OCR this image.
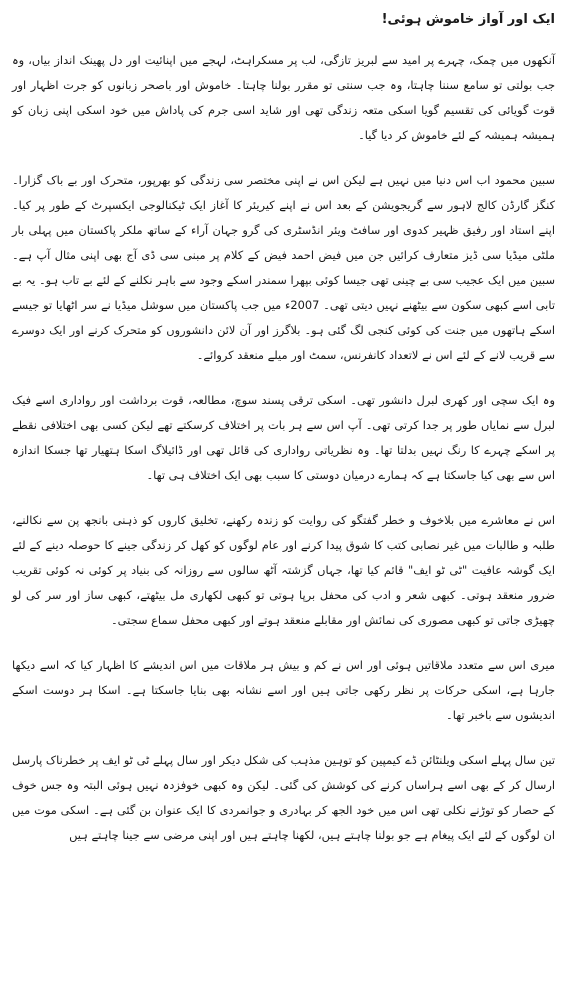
ایک اور آواز خاموش ہوئی!

آنکھوں میں چمک، چہرے پر امید سے لبریز تازگی، لب پر مسکراہٹ، لہجے میں اپنائیت اور دل پھینک انداز بیاں، وہ جب بولتی تو سامع سننا چاہتا، وہ جب سنتی تو مقرر بولنا چاہتا۔ خاموش اور باصحر زبانوں کو جرت اظہار اور قوت گویائی کی تقسیم گویا اسکی متعہ زندگی تھی اور شاید اسی جرم کی پاداش میں خود اسکی اپنی زبان کو ہمیشہ ہمیشہ کے لئے خاموش کر دیا گیا۔

سبین محمود اب اس دنیا میں نہیں ہے لیکن اس نے اپنی مختصر سی زندگی کو بھرپور، متحرک اور بے باک گزارا۔ کنگز گارڈن کالج لاہور سے گریجویشن کے بعد اس نے اپنے کیریئر کا آغاز ایک ٹیکنالوجی ایکسپرٹ کے طور پر کیا۔ اپنے استاد اور رفیق ظہیر کدوی اور سافٹ ویئر انڈسٹری کی گرو جہان آراء کے ساتھ ملکر پاکستان میں پہلی بار ملٹی میڈیا سی ڈیز متعارف کرائیں جن میں فیض احمد فیض کے کلام پر مبنی سی ڈی آج بھی اپنی مثال آپ ہے۔ سبین میں ایک عجیب سی بے چینی تھی جیسا کوئی بپھرا سمندر اسکے وجود سے باہر نکلنے کے لئے بے تاب ہو۔ یہ بے تابی اسے کبھی سکون سے بیٹھنے نہیں دیتی تھی۔ 2007ء میں جب پاکستان میں سوشل میڈیا نے سر اٹھایا تو جیسے اسکے ہاتھوں میں جنت کی کوئی کنجی لگ گئی ہو۔ بلاگرز اور آن لائن دانشوروں کو متحرک کرنے اور ایک دوسرے سے قریب لانے کے لئے اس نے لاتعداد کانفرنس، سمٹ اور میلے منعقد کروائے۔

وہ ایک سچی اور کھری لبرل دانشور تھی۔ اسکی ترقی پسند سوچ، مطالعہ، قوت برداشت اور رواداری اسے فیک لبرل سے نمایاں طور پر جدا کرتی تھی۔ آپ اس سے ہر بات پر اختلاف کرسکتے تھے لیکن کسی بھی اختلافی نقطے پر اسکے چہرے کا رنگ نہیں بدلتا تھا۔ وہ نظریاتی رواداری کی قائل تھی اور ڈائیلاگ اسکا ہتھیار تھا جسکا اندازہ اس سے بھی کیا جاسکتا ہے کہ ہمارے درمیان دوستی کا سبب بھی ایک اختلاف ہی تھا۔

اس نے معاشرے میں بلاخوف و خطر گفتگو کی روایت کو زندہ رکھنے، تخلیق کاروں کو ذہنی بانجھ پن سے نکالنے، طلبہ و طالبات میں غیر نصابی کتب کا شوق پیدا کرنے اور عام لوگوں کو کھل کر زندگی جینے کا حوصلہ دینے کے لئے ایک گوشہ عافیت "ٹی ٹو ایف" قائم کیا تھا، جہاں گزشتہ آٹھ سالوں سے روزانہ کی بنیاد پر کوئی نہ کوئی تقریب ضرور منعقد ہوتی۔ کبھی شعر و ادب کی محفل برپا ہوتی تو کبھی لکھاری مل بیٹھتے، کبھی ساز اور سر کی لو چھیڑی جاتی تو کبھی مصوری کی نمائش اور مقابلے منعقد ہوتے اور کبھی محفل سماع سجتی۔

میری اس سے متعدد ملاقاتیں ہوئی اور اس نے کم و بیش ہر ملاقات میں اس اندیشے کا اظہار کیا کہ اسے دیکھا جارہا ہے، اسکی حرکات پر نظر رکھی جاتی ہیں اور اسے نشانہ بھی بنایا جاسکتا ہے۔ اسکا ہر دوست اسکے اندیشوں سے باخبر تھا۔

تین سال پہلے اسکی ویلنٹائن ڈے کیمپین کو توہین مذہب کی شکل دیکر اور سال پہلے ٹی ٹو ایف پر خطرناک پارسل ارسال کر کے بھی اسے ہراساں کرنے کی کوشش کی گئی۔ لیکن وہ کبھی خوفزدہ نہیں ہوئی البتہ وہ جس خوف کے حصار کو توڑنے نکلی تھی اس میں خود الجھ کر بہادری و جوانمردی کا ایک عنوان بن گئی ہے۔ اسکی موت میں ان لوگوں کے لئے ایک پیغام ہے جو بولنا چاہتے ہیں، لکھنا چاہتے ہیں اور اپنی مرضی سے جینا چاہتے ہیں
